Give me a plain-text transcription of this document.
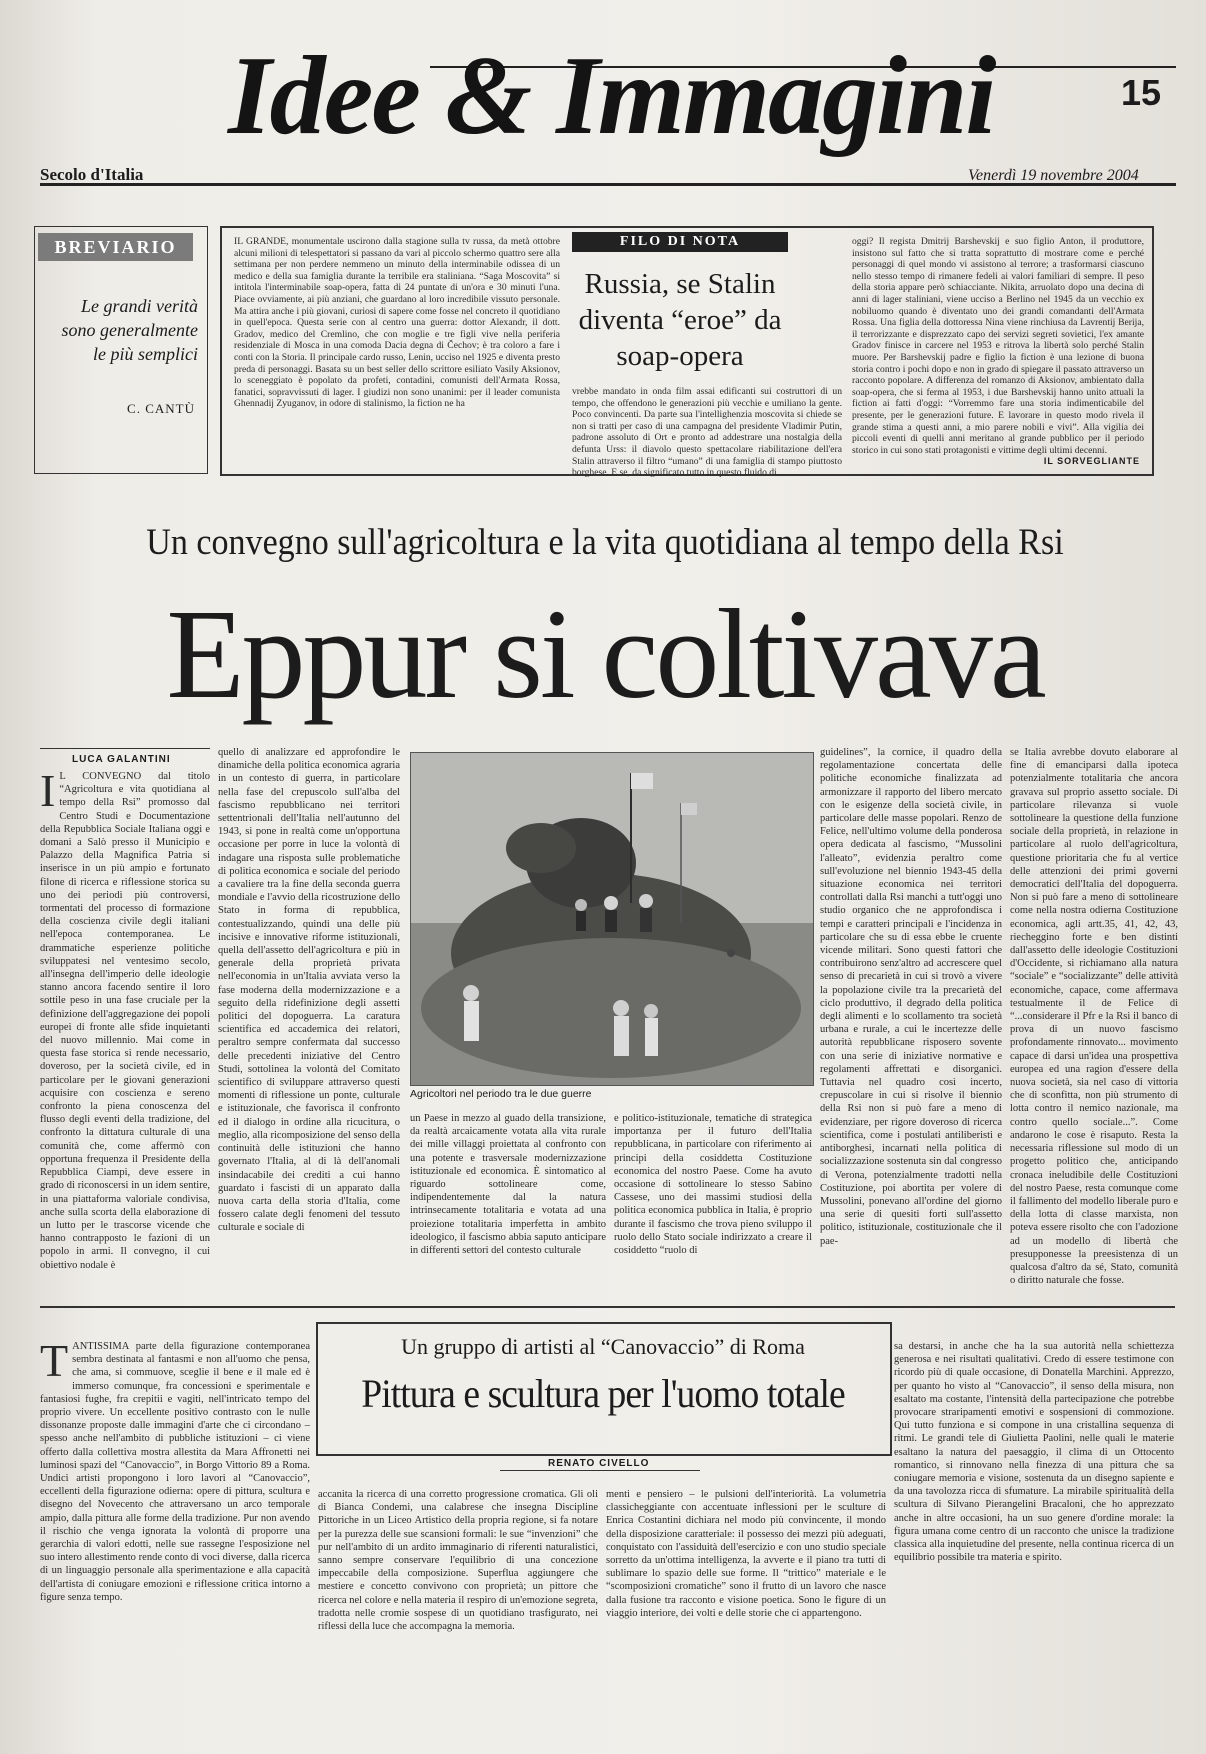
Idee & Immagini	15
Secolo d'Italia	Venerdì 19 novembre 2004
BREVIARIO
Le grandi verità sono generalmente le più semplici
C. CANTÙ
IL GRANDE, monumentale uscirono dalla stagione sulla tv russa, da metà ottobre alcuni milioni di telespettatori si passano da vari al piccolo schermo quattro sere alla settimana per non perdere nemmeno un minuto della interminabile odissea di un medico e della sua famiglia durante la terribile era staliniana. “Saga Moscovita” si intitola l'interminabile soap-opera, fatta di 24 puntate di un'ora e 30 minuti l'una. Piace ovviamente, ai più anziani, che guardano al loro incredibile vissuto personale. Ma attira anche i più giovani, curiosi di sapere come fosse nel concreto il quotidiano in quell'epoca. Questa serie con al centro una guerra: dottor Alexandr, il dott. Gradov, medico del Cremlino, che con moglie e tre figli vive nella periferia residenziale di Mosca in una comoda Dacia degna di Čechov; è tra coloro a fare i conti con la Storia. Il principale cardo russo, Lenin, ucciso nel 1925 e diventa presto preda di personaggi. Basata su un best seller dello scrittore esiliato Vasily Aksionov, lo sceneggiato è popolato da profeti, contadini, comunisti dell'Armata Rossa, fanatici, sopravvissuti di lager. I giudizi non sono unanimi: per il leader comunista Ghennadij Zyuganov, in odore di stalinismo, la fiction ne ha
FILO DI NOTA
Russia, se Stalin diventa “eroe” da soap-opera
vrebbe mandato in onda film assai edificanti sui costruttori di un tempo, che offendono le generazioni più vecchie e umiliano la gente. Poco convincenti. Da parte sua l'intellighenzia moscovita si chiede se non si tratti per caso di una campagna del presidente Vladimir Putin, padrone assoluto di Ort e pronto ad addestrare una nostalgia della defunta Urss: il diavolo questo spettacolare riabilitazione dell'era Stalin attraverso il filtro “umano” di una famiglia di stampo piuttosto borghese. E se, da significato tutto in questo fluido di
oggi? Il regista Dmitrij Barshevskij e suo figlio Anton, il produttore, insistono sul fatto che si tratta soprattutto di mostrare come e perché personaggi di quel mondo vi assistono al terrore; a trasformarsi ciascuno nello stesso tempo di rimanere fedeli ai valori familiari di sempre. Il peso della storia appare però schiacciante. Nikita, arruolato dopo una decina di anni di lager staliniani, viene ucciso a Berlino nel 1945 da un vecchio ex nobiluomo quando è diventato uno dei grandi comandanti dell'Armata Rossa. Una figlia della dottoressa Nina viene rinchiusa da Lavrentij Berija, il terrorizzante e disprezzato capo dei servizi segreti sovietici, l'ex amante Gradov finisce in carcere nel 1953 e ritrova la libertà solo perché Stalin muore. Per Barshevskij padre e figlio la fiction è una lezione di buona storia contro i pochi dopo e non in grado di spiegare il passato attraverso un racconto popolare. A differenza del romanzo di Aksionov, ambientato dalla soap-opera, che si ferma al 1953, i due Barshevskij hanno unito attuali la fiction ai fatti d'oggi: “Vorremmo fare una storia indimenticabile del presente, per le generazioni future. E lavorare in questo modo rivela il grande stima a questi anni, a mio parere nobili e vivi”. Alla vigilia dei piccoli eventi di quelli anni meritano al grande pubblico per il periodo storico in cui sono stati protagonisti e vittime degli ultimi decenni.
IL SORVEGLIANTE
Un convegno sull'agricoltura e la vita quotidiana al tempo della Rsi
Eppur si coltivava
LUCA GALANTINI
I L CONVEGNO dal titolo “Agricoltura e vita quotidiana al tempo della Rsi” promosso dal Centro Studi e Documentazione della Repubblica Sociale Italiana oggi e domani a Salò presso il Municipio e Palazzo della Magnifica Patria si inserisce in un più ampio e fortunato filone di ricerca e riflessione storica su uno dei periodi più controversi, tormentati del processo di formazione della coscienza civile degli italiani nell'epoca contemporanea. Le drammatiche esperienze politiche sviluppatesi nel ventesimo secolo, all'insegna dell'imperio delle ideologie stanno ancora facendo sentire il loro sottile peso in una fase cruciale per la definizione dell'aggregazione dei popoli europei di fronte alle sfide inquietanti del nuovo millennio. Mai come in questa fase storica si rende necessario, doveroso, per la società civile, ed in particolare per le giovani generazioni acquisire con coscienza e sereno confronto la piena conoscenza del flusso degli eventi della tradizione, del confronto la dittatura culturale di una comunità che, come affermò con opportuna frequenza il Presidente della Repubblica Ciampi, deve essere in grado di riconoscersi in un idem sentire, in una piattaforma valoriale condivisa, anche sulla scorta della elaborazione di un lutto per le trascorse vicende che hanno contrapposto le fazioni di un popolo in armi. Il convegno, il cui obiettivo nodale è
quello di analizzare ed approfondire le dinamiche della politica economica agraria in un contesto di guerra, in particolare nella fase del crepuscolo sull'alba del fascismo repubblicano nei territori settentrionali dell'Italia nell'autunno del 1943, si pone in realtà come un'opportuna occasione per porre in luce la volontà di indagare una risposta sulle problematiche di politica economica e sociale del periodo a cavaliere tra la fine della seconda guerra mondiale e l'avvio della ricostruzione dello Stato in forma di repubblica, contestualizzando, quindi una delle più incisive e innovative riforme istituzionali, quella dell'assetto dell'agricoltura e più in generale della proprietà privata nell'economia in un'Italia avviata verso la fase moderna della modernizzazione e a seguito della ridefinizione degli assetti politici del dopoguerra. La caratura scientifica ed accademica dei relatori, peraltro sempre confermata dal successo delle precedenti iniziative del Centro Studi, sottolinea la volontà del Comitato scientifico di sviluppare attraverso questi momenti di riflessione un ponte, culturale e istituzionale, che favorisca il confronto ed il dialogo in ordine alla ricucitura, o meglio, alla ricomposizione del senso della continuità delle istituzioni che hanno governato l'Italia, al di là dell'anomali insindacabile dei crediti a cui hanno guardato i fascisti di un apparato dalla nuova carta della storia d'Italia, come fossero calate degli fenomeni del tessuto culturale e sociale di
Agricoltori nel periodo tra le due guerre
un Paese in mezzo al guado della transizione, da realtà arcaicamente votata alla vita rurale dei mille villaggi proiettata al confronto con una potente e trasversale modernizzazione istituzionale ed economica. È sintomatico al riguardo sottolineare come, indipendentemente dal la natura intrinsecamente totalitaria e votata ad una proiezione totalitaria imperfetta in ambito ideologico, il fascismo abbia saputo anticipare in differenti settori del contesto culturale
e politico-istituzionale, tematiche di strategica importanza per il futuro dell'Italia repubblicana, in particolare con riferimento ai principi della cosiddetta Costituzione economica del nostro Paese. Come ha avuto occasione di sottolineare lo stesso Sabino Cassese, uno dei massimi studiosi della politica economica pubblica in Italia, è proprio durante il fascismo che trova pieno sviluppo il ruolo dello Stato sociale indirizzato a creare il cosiddetto “ruolo di
guidelines”, la cornice, il quadro della regolamentazione concertata delle politiche economiche finalizzata ad armonizzare il rapporto del libero mercato con le esigenze della società civile, in particolare delle masse popolari. Renzo de Felice, nell'ultimo volume della ponderosa opera dedicata al fascismo, “Mussolini l'alleato”, evidenzia peraltro come sull'evoluzione nel biennio 1943-45 della situazione economica nei territori controllati dalla Rsi manchi a tutt'oggi uno studio organico che ne approfondisca i tempi e caratteri principali e l'incidenza in particolare che su di essa ebbe le cruente vicende militari. Sono questi fattori che contribuirono senz'altro ad accrescere quel senso di precarietà in cui si trovò a vivere la popolazione civile tra la precarietà del ciclo produttivo, il degrado della politica degli alimenti e lo scollamento tra società urbana e rurale, a cui le incertezze delle autorità repubblicane risposero sovente con una serie di iniziative normative e regolamenti affrettati e disorganici. Tuttavia nel quadro così incerto, crepuscolare in cui si risolve il biennio della Rsi non si può fare a meno di evidenziare, per rigore doveroso di ricerca scientifica, come i postulati antiliberisti e antiborghesi, incarnati nella politica di socializzazione sostenuta sin dal congresso di Verona, potenzialmente tradotti nella Costituzione, poi abortita per volere di Mussolini, ponevano all'ordine del giorno una serie di quesiti forti sull'assetto politico, istituzionale, costituzionale che il pae-
se Italia avrebbe dovuto elaborare al fine di emanciparsi dalla ipoteca potenzialmente totalitaria che ancora gravava sul proprio assetto sociale. Di particolare rilevanza si vuole sottolineare la questione della funzione sociale della proprietà, in relazione in particolare al ruolo dell'agricoltura, questione prioritaria che fu al vertice delle attenzioni dei primi governi democratici dell'Italia del dopoguerra. Non si può fare a meno di sottolineare come nella nostra odierna Costituzione economica, agli artt.35, 41, 42, 43, riecheggino forte e ben distinti dall'assetto delle ideologie Costituzioni d'Occidente, si richiamano alla natura “sociale” e “socializzante” delle attività economiche, capace, come affermava testualmente il de Felice di “...considerare il Pfr e la Rsi il banco di prova di un nuovo fascismo profondamente rinnovato... movimento capace di darsi un'idea una prospettiva europea ed una ragion d'essere della nuova società, sia nel caso di vittoria che di sconfitta, non più strumento di lotta contro il nemico nazionale, ma contro quello sociale...”. Come andarono le cose è risaputo. Resta la necessaria riflessione sul modo di un progetto politico che, anticipando cronaca ineludibile delle Costituzioni del nostro Paese, resta comunque come il fallimento del modello liberale puro e della lotta di classe marxista, non poteva essere risolto che con l'adozione ad un modello di libertà che presupponesse la preesistenza di un qualcosa d'altro da sé, Stato, comunità o diritto naturale che fosse.
Un gruppo di artisti al “Canovaccio” di Roma
Pittura e scultura per l'uomo totale
RENATO CIVELLO
TANTISSIMA parte della figurazione contemporanea sembra destinata al fantasmi e non all'uomo che pensa, che ama, si commuove, sceglie il bene e il male ed è immerso comunque, fra concessioni e sperimentale e fantasiosi fughe, fra crepitii e vagiti, nell'intricato tempo del proprio vivere. Un eccellente positivo contrasto con le nulle dissonanze proposte dalle immagini d'arte che ci circondano – spesso anche nell'ambito di pubbliche istituzioni – ci viene offerto dalla collettiva mostra allestita da Mara Affronetti nei luminosi spazi del “Canovaccio”, in Borgo Vittorio 89 a Roma. Undici artisti propongono i loro lavori al “Canovaccio”, eccellenti della figurazione odierna: opere di pittura, scultura e disegno del Novecento che attraversano un arco temporale ampio, dalla pittura alle forme della tradizione. Pur non avendo il rischio che venga ignorata la volontà di proporre una gerarchia di valori edotti, nelle sue rassegne l'esposizione nel suo intero allestimento rende conto di voci diverse, dalla ricerca di un linguaggio personale alla sperimentazione e alla capacità dell'artista di coniugare emozioni e riflessione critica intorno a figure senza tempo.
accanita la ricerca di una corretto progressione cromatica. Gli oli di Bianca Condemi, una calabrese che insegna Discipline Pittoriche in un Liceo Artistico della propria regione, si fa notare per la purezza delle sue scansioni formali: le sue “invenzioni” che pur nell'ambito di un ardito immaginario di riferenti naturalistici, sanno sempre conservare l'equilibrio di una concezione impeccabile della composizione. Superflua aggiungere che mestiere e concetto convivono con proprietà; un pittore che ricerca nel colore e nella materia il respiro di un'emozione segreta, tradotta nelle cromie sospese di un quotidiano trasfigurato, nei riflessi della luce che accompagna la memoria.
menti e pensiero – le pulsioni dell'interiorità. La volumetria classicheggiante con accentuate inflessioni per le sculture di Enrica Costantini dichiara nel modo più convincente, il mondo della disposizione caratteriale: il possesso dei mezzi più adeguati, conquistato con l'assiduità dell'esercizio e con uno studio speciale sorretto da un'ottima intelligenza, la avverte e il piano tra tutti di sublimare lo spazio delle sue forme. Il “trittico” materiale e le “scomposizioni cromatiche” sono il frutto di un lavoro che nasce dalla fusione tra racconto e visione poetica. Sono le figure di un viaggio interiore, dei volti e delle storie che ci appartengono.
sa destarsi, in anche che ha la sua autorità nella schiettezza generosa e nei risultati qualitativi. Credo di essere testimone con ricordo più di quale occasione, di Donatella Marchini. Apprezzo, per quanto ho visto al “Canovaccio”, il senso della misura, non esaltato ma costante, l'intensità della partecipazione che potrebbe provocare straripamenti emotivi e sospensioni di commozione. Qui tutto funziona e si compone in una cristallina sequenza di ritmi. Le grandi tele di Giulietta Paolini, nelle quali le materie esaltano la natura del paesaggio, il clima di un Ottocento romantico, si rinnovano nella finezza di una pittura che sa coniugare memoria e visione, sostenuta da un disegno sapiente e da una tavolozza ricca di sfumature. La mirabile spiritualità della scultura di Silvano Pierangelini Bracaloni, che ho apprezzato anche in altre occasioni, ha un suo genere d'ordine morale: la figura umana come centro di un racconto che unisce la tradizione classica alla inquietudine del presente, nella continua ricerca di un equilibrio possibile tra materia e spirito.
